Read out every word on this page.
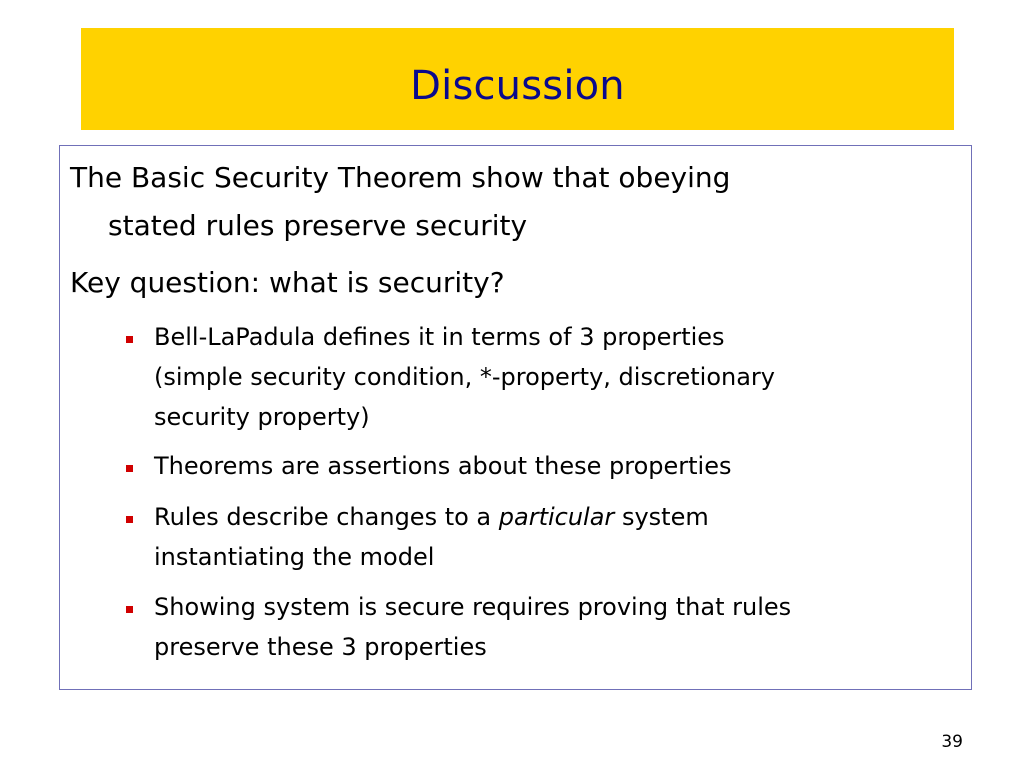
Discussion
The Basic Security Theorem show that obeying
stated rules preserve security
Key question: what is security?
Bell-LaPadula defines it in terms of 3 properties
(simple security condition, *-property, discretionary
security property)
Theorems are assertions about these properties
Rules describe changes to a particular system
instantiating the model
Showing system is secure requires proving that rules
preserve these 3 properties
39
